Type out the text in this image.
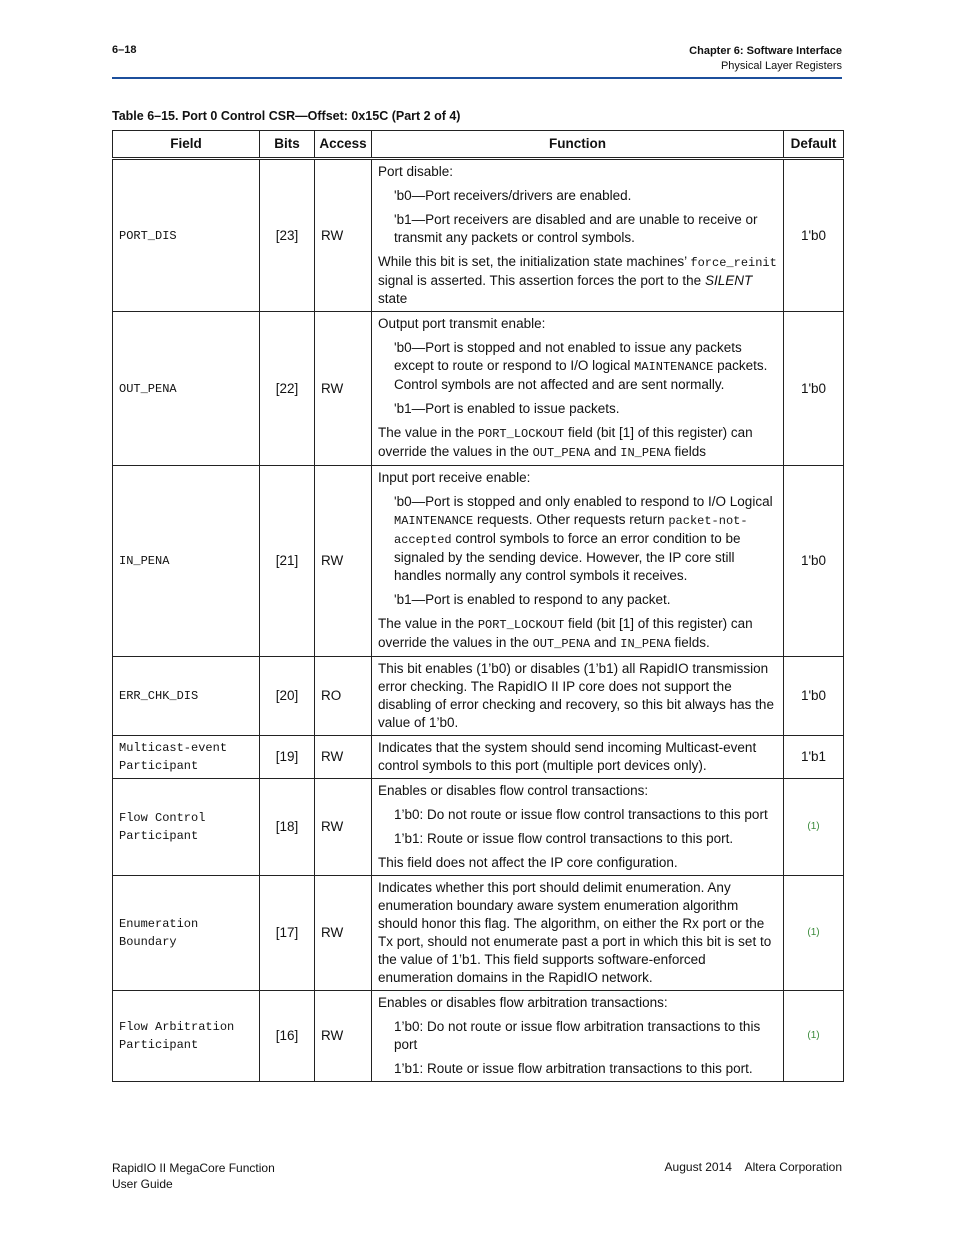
6–18	Chapter 6: Software Interface
Physical Layer Registers
Table 6–15. Port 0 Control CSR—Offset: 0x15C (Part 2 of 4)
Field	Bits	Access	Function	Default
PORT_DIS	[23]	RW	Port disable:
'b0—Port receivers/drivers are enabled.
'b1—Port receivers are disabled and are unable to receive or transmit any packets or control symbols.
While this bit is set, the initialization state machines’ force_reinit signal is asserted. This assertion forces the port to the SILENT state	1'b0
OUT_PENA	[22]	RW	Output port transmit enable:
'b0—Port is stopped and not enabled to issue any packets except to route or respond to I/O logical MAINTENANCE packets. Control symbols are not affected and are sent normally.
'b1—Port is enabled to issue packets.
The value in the PORT_LOCKOUT field (bit [1] of this register) can override the values in the OUT_PENA and IN_PENA fields	1'b0
IN_PENA	[21]	RW	Input port receive enable:
'b0—Port is stopped and only enabled to respond to I/O Logical MAINTENANCE requests. Other requests return packet-not-accepted control symbols to force an error condition to be signaled by the sending device. However, the IP core still handles normally any control symbols it receives.
'b1—Port is enabled to respond to any packet.
The value in the PORT_LOCKOUT field (bit [1] of this register) can override the values in the OUT_PENA and IN_PENA fields.	1'b0
ERR_CHK_DIS	[20]	RO	This bit enables (1’b0) or disables (1’b1) all RapidIO transmission error checking. The RapidIO II IP core does not support the disabling of error checking and recovery, so this bit always has the value of 1’b0.	1'b0
Multicast-event Participant	[19]	RW	Indicates that the system should send incoming Multicast-event control symbols to this port (multiple port devices only).	1'b1
Flow Control Participant	[18]	RW	Enables or disables flow control transactions:
1’b0: Do not route or issue flow control transactions to this port
1’b1: Route or issue flow control transactions to this port.
This field does not affect the IP core configuration.	(1)
Enumeration Boundary	[17]	RW	Indicates whether this port should delimit enumeration. Any enumeration boundary aware system enumeration algorithm should honor this flag. The algorithm, on either the Rx port or the Tx port, should not enumerate past a port in which this bit is set to the value of 1’b1. This field supports software-enforced enumeration domains in the RapidIO network.	(1)
Flow Arbitration Participant	[16]	RW	Enables or disables flow arbitration transactions:
1’b0: Do not route or issue flow arbitration transactions to this port
1’b1: Route or issue flow arbitration transactions to this port.	(1)
RapidIO II MegaCore Function
User Guide
August 2014    Altera Corporation
